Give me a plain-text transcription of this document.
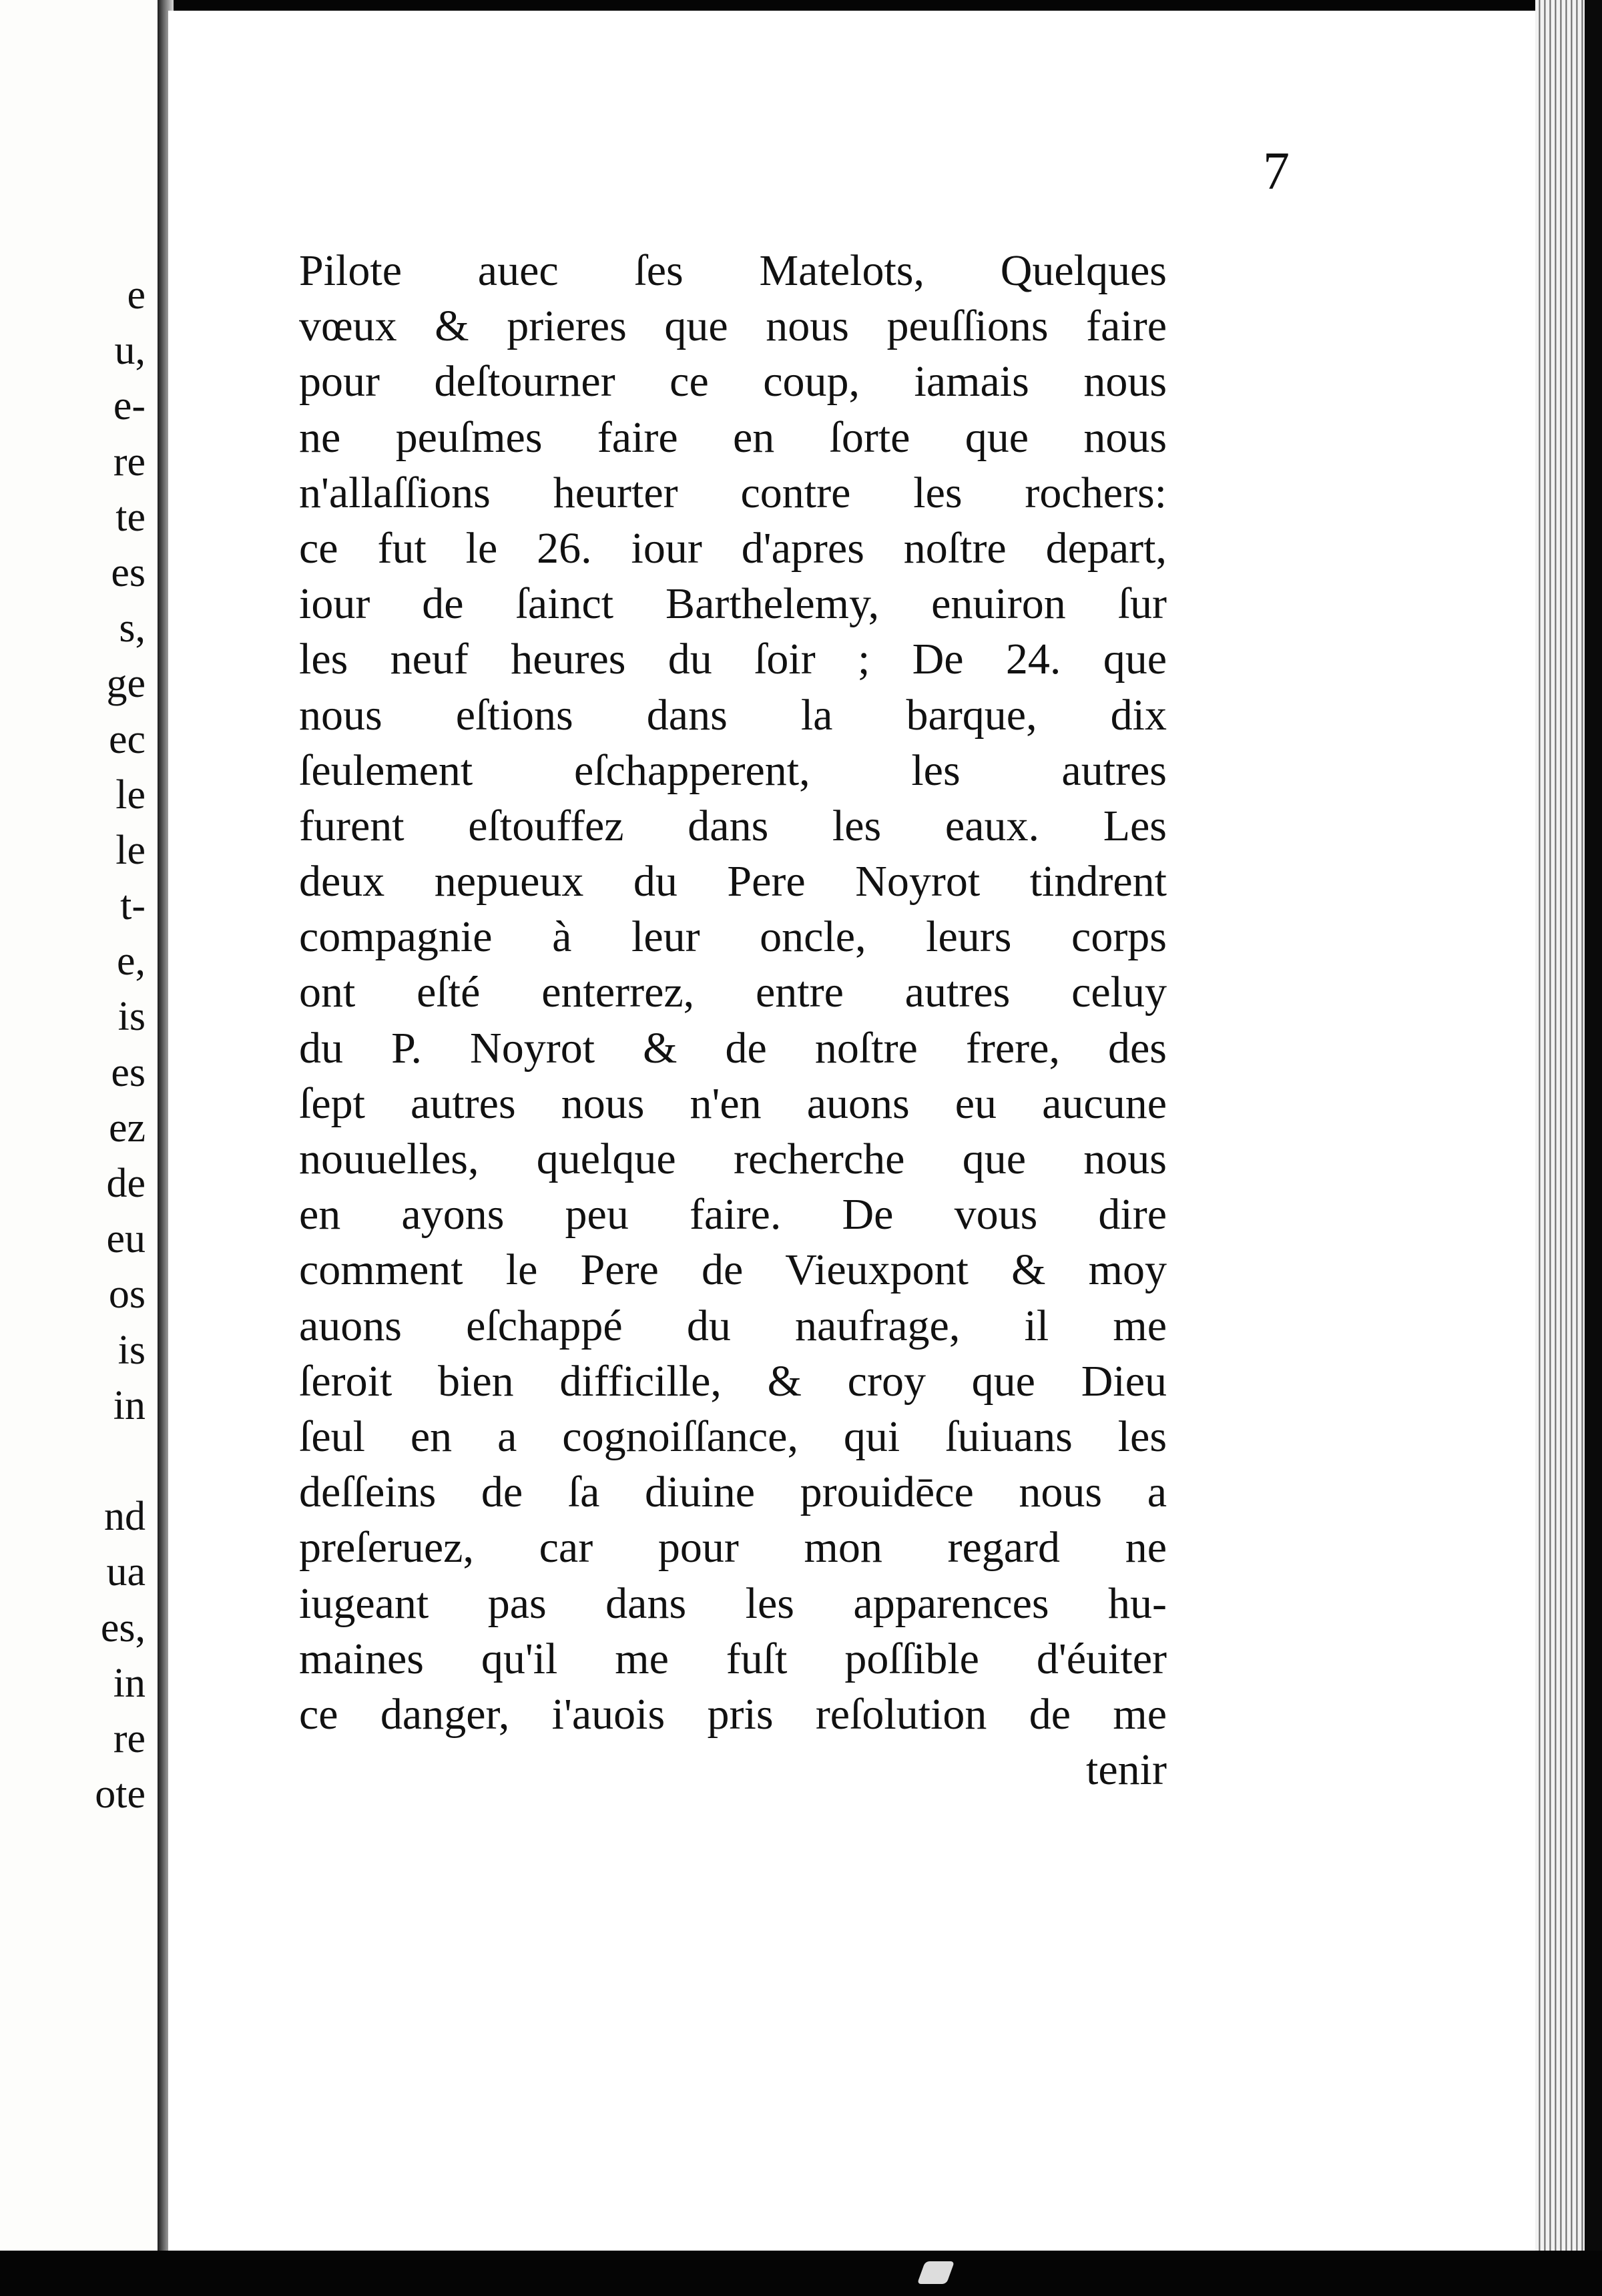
e
u,
e-
re
te
es
s,
ge
ec
le
le
t-
e,
is
es
ez
de
eu
os
is
in
nd
ua
es,
in
re
ote
7
Pilote auec ſes Matelots, Quelques
vœux & prieres que nous peuſſions faire
pour deſtourner ce coup, iamais nous
ne peuſmes faire en ſorte que nous
n'allaſſions heurter contre les rochers:
ce fut le 26. iour d'apres noſtre depart,
iour de ſainct Barthelemy, enuiron ſur
les neuf heures du ſoir ; De 24. que
nous eſtions dans la barque, dix
ſeulement eſchapperent, les autres
furent eſtouffez dans les eaux. Les
deux nepueux du Pere Noyrot tindrent
compagnie à leur oncle, leurs corps
ont eſté enterrez, entre autres celuy
du P. Noyrot & de noſtre frere, des
ſept autres nous n'en auons eu aucune
nouuelles, quelque recherche que nous
en ayons peu faire. De vous dire
comment le Pere de Vieuxpont & moy
auons eſchappé du naufrage, il me
ſeroit bien difficille, & croy que Dieu
ſeul en a cognoiſſance, qui ſuiuans les
deſſeins de ſa diuine prouidēce nous a
preſeruez, car pour mon regard ne
iugeant pas dans les apparences hu-
maines qu'il me fuſt poſſible d'éuiter
ce danger, i'auois pris reſolution de me
tenir
